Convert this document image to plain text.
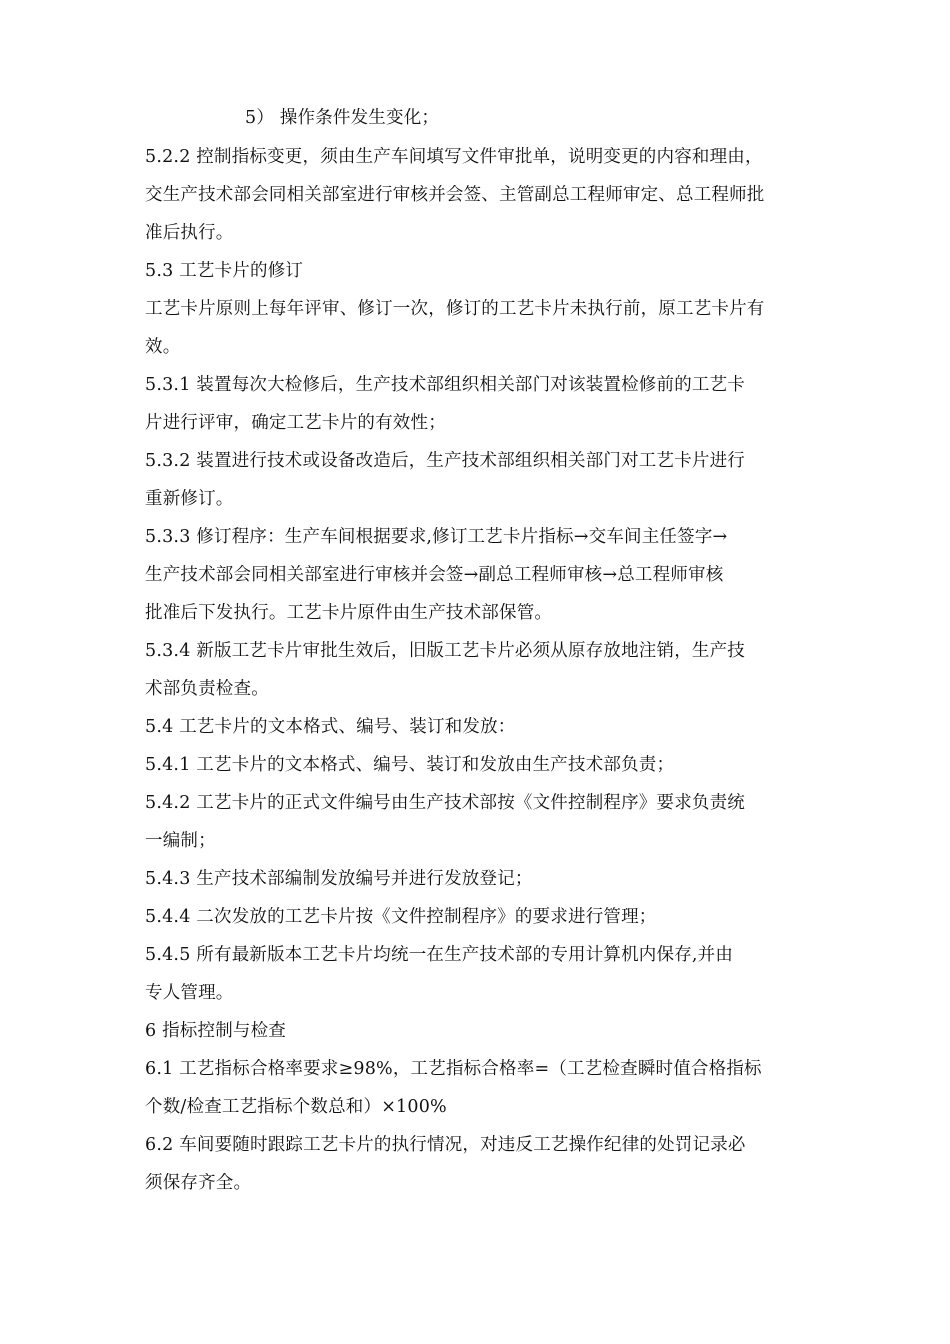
5） 操作条件发生变化；
5.2.2 控制指标变更，须由生产车间填写文件审批单，说明变更的内容和理由，
交生产技术部会同相关部室进行审核并会签、主管副总工程师审定、总工程师批
准后执行。
5.3 工艺卡片的修订
工艺卡片原则上每年评审、修订一次，修订的工艺卡片未执行前，原工艺卡片有
效。
5.3.1 装置每次大检修后，生产技术部组织相关部门对该装置检修前的工艺卡
片进行评审，确定工艺卡片的有效性；
5.3.2 装置进行技术或设备改造后，生产技术部组织相关部门对工艺卡片进行
重新修订。
5.3.3 修订程序：生产车间根据要求,修订工艺卡片指标→交车间主任签字→
生产技术部会同相关部室进行审核并会签→副总工程师审核→总工程师审核
批准后下发执行。工艺卡片原件由生产技术部保管。
5.3.4 新版工艺卡片审批生效后，旧版工艺卡片必须从原存放地注销，生产技
术部负责检查。
5.4 工艺卡片的文本格式、编号、装订和发放：
5.4.1 工艺卡片的文本格式、编号、装订和发放由生产技术部负责；
5.4.2 工艺卡片的正式文件编号由生产技术部按《文件控制程序》要求负责统
一编制；
5.4.3 生产技术部编制发放编号并进行发放登记；
5.4.4 二次发放的工艺卡片按《文件控制程序》的要求进行管理；
5.4.5 所有最新版本工艺卡片均统一在生产技术部的专用计算机内保存,并由
专人管理。
6 指标控制与检查
6.1 工艺指标合格率要求≥98%，工艺指标合格率=（工艺检查瞬时值合格指标
个数/检查工艺指标个数总和）×100%
6.2 车间要随时跟踪工艺卡片的执行情况，对违反工艺操作纪律的处罚记录必
须保存齐全。
